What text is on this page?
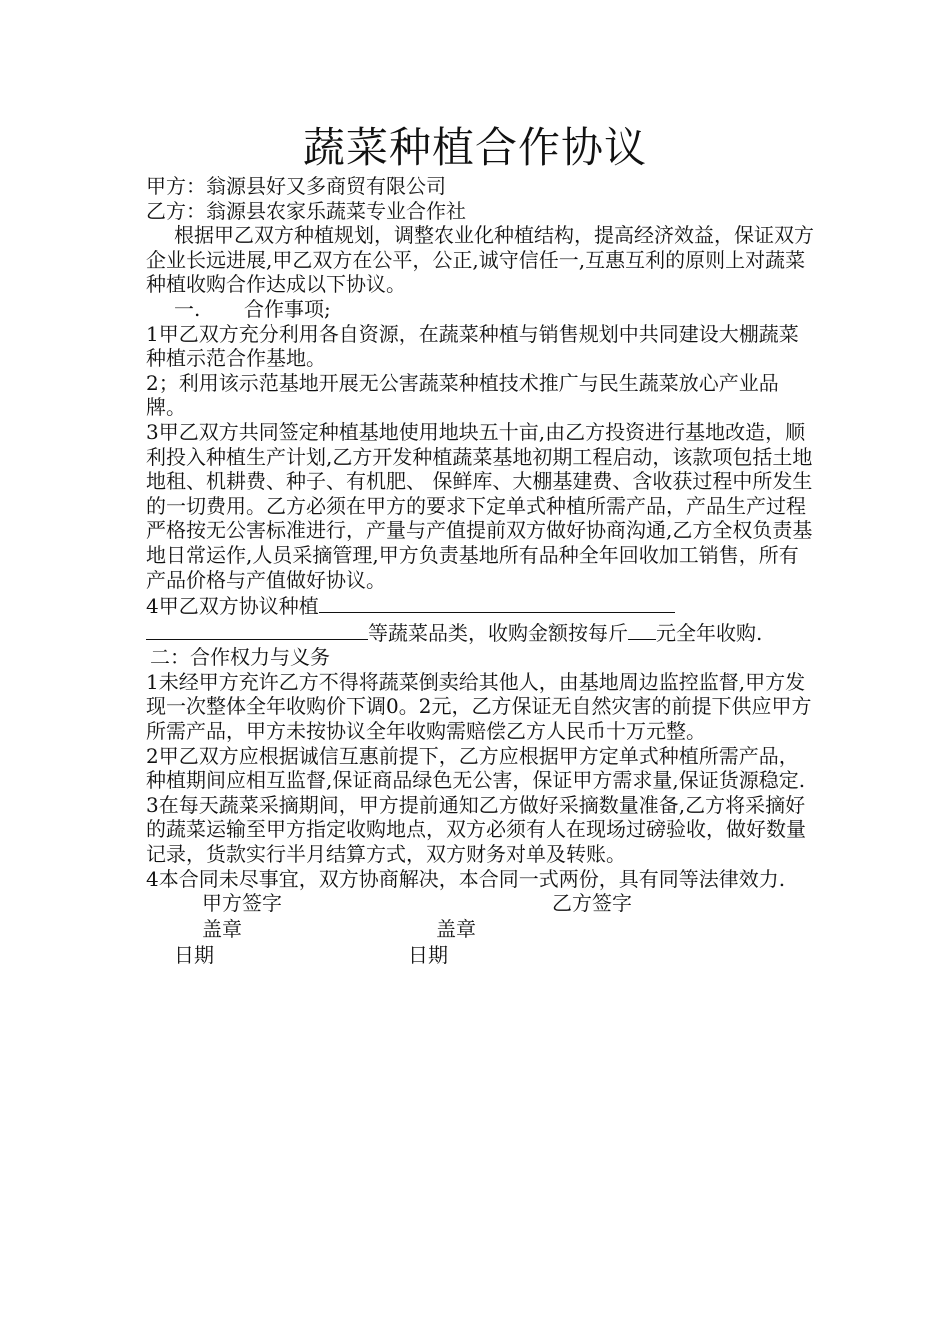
蔬菜种植合作协议

甲方：翁源县好又多商贸有限公司

乙方：翁源县农家乐蔬菜专业合作社

根据甲乙双方种植规划，调整农业化种植结构，提高经济效益，保证双方企业长远进展,甲乙双方在公平，公正,诚守信任一,互惠互利的原则上对蔬菜种植收购合作达成以下协议。

一. 合作事项;

1甲乙双方充分利用各自资源，在蔬菜种植与销售规划中共同建设大棚蔬菜种植示范合作基地。

2；利用该示范基地开展无公害蔬菜种植技术推广与民生蔬菜放心产业品牌。

3甲乙双方共同签定种植基地使用地块五十亩,由乙方投资进行基地改造，顺利投入种植生产计划,乙方开发种植蔬菜基地初期工程启动，该款项包括土地地租、机耕费、种子、有机肥、 保鲜库、大棚基建费、含收获过程中所发生的一切费用。乙方必须在甲方的要求下定单式种植所需产品，产品生产过程严格按无公害标准进行，产量与产值提前双方做好协商沟通,乙方全权负责基地日常运作,人员采摘管理,甲方负责基地所有品种全年回收加工销售，所有产品价格与产值做好协议。

4甲乙双方协议种植
等蔬菜品类，收购金额按每斤 元全年收购.

二：合作权力与义务

1未经甲方充许乙方不得将蔬菜倒卖给其他人，由基地周边监控监督,甲方发现一次整体全年收购价下调0。2元，乙方保证无自然灾害的前提下供应甲方所需产品，甲方未按协议全年收购需赔偿乙方人民币十万元整。

2甲乙双方应根据诚信互惠前提下，乙方应根据甲方定单式种植所需产品，种植期间应相互监督,保证商品绿色无公害，保证甲方需求量,保证货源稳定.

3在每天蔬菜采摘期间，甲方提前通知乙方做好采摘数量准备,乙方将采摘好的蔬菜运输至甲方指定收购地点，双方必须有人在现场过磅验收，做好数量记录，货款实行半月结算方式，双方财务对单及转账。

4本合同未尽事宜，双方协商解决，本合同一式两份，具有同等法律效力.

甲方签字	乙方签字
盖章	盖章
日期	日期
